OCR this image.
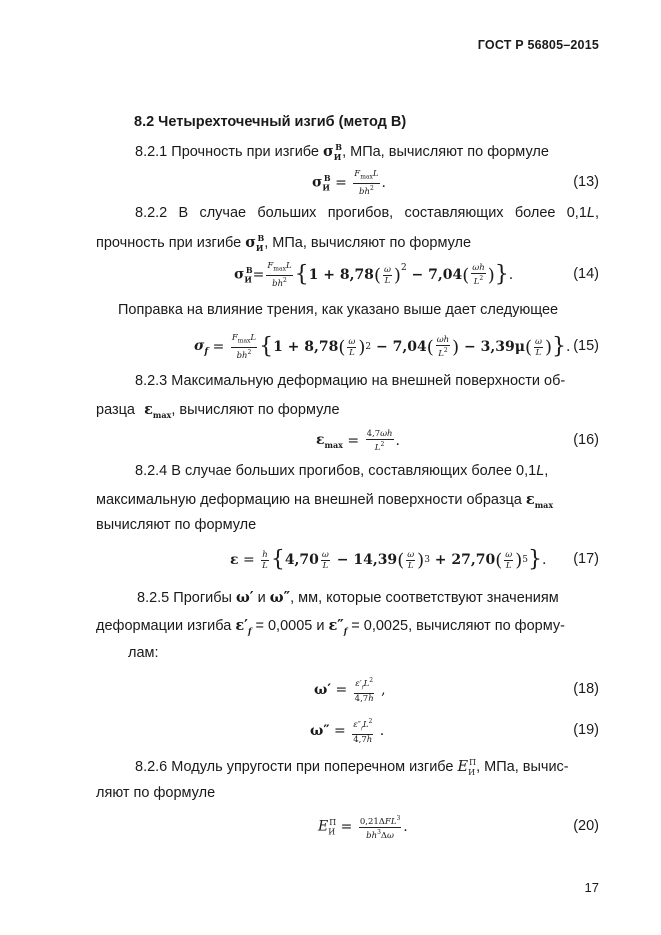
ГОСТ Р 56805–2015
8.2 Четырехточечный изгиб (метод В)
8.2.1 Прочность при изгибе $\sigma_И^В$, МПа, вычисляют по формуле
$\sigma_И^В = \frac{F_{max}L}{bh^2}$ .	(13)
8.2.2 В случае больших прогибов, составляющих более 0,1L,
прочность при изгибе $\sigma_И^В$, МПа, вычисляют по формуле
$\sigma_И^В = \frac{F_{max}L}{bh^2}$ { 1 + 8,78 ( $\frac{\omega}{L}$ ) 2 − 7,04 ( $\frac{\omega h}{L^2}$ ) } .	(14)
Поправка на влияние трения, как указано выше дает следующее
$\sigma_f = \frac{F_{max}L}{bh^2}$ { 1 + 8,78 ( $\frac{\omega}{L}$ ) 2 − 7,04 ( $\frac{\omega h}{L^2}$ ) − 3,39μ ( $\frac{\omega}{L}$ ) } . (15)
8.2.3 Максимальную деформацию на внешней поверхности об-
разца  $\varepsilon_{max}$, вычисляют по формуле
$\varepsilon_{max} = \frac{4,7\omega h}{L^2}$ .	(16)
8.2.4 В случае больших прогибов, составляющих более 0,1L,
максимальную деформацию на внешней поверхности образца $\varepsilon_{max}$
вычисляют по формуле
$\varepsilon = \frac{h}{L}$ { $4,70 \frac{\omega}{L} - 14,39$ ( $\frac{\omega}{L}$ ) 3 + 27,70 ( $\frac{\omega}{L}$ ) 5 } . (17)
8.2.5 Прогибы ω′ и ω″, мм, которые соответствуют значениям
деформации изгиба $\varepsilon'_f = 0,0005$ и $\varepsilon''_f = 0,0025$, вычисляют по форму-
лам:
$\omega' = \frac{\varepsilon'_fL^2}{4,7h}$ ,	(18)
$\omega'' = \frac{\varepsilon''_fL^2}{4,7h}$ .	(19)
8.2.6 Модуль упругости при поперечном изгибе $E_И^П$, МПа, вычис-
ляют по формуле
$E_И^П = \frac{0,21\Delta FL^3}{bh^3\Delta\omega}$ .	(20)
17
